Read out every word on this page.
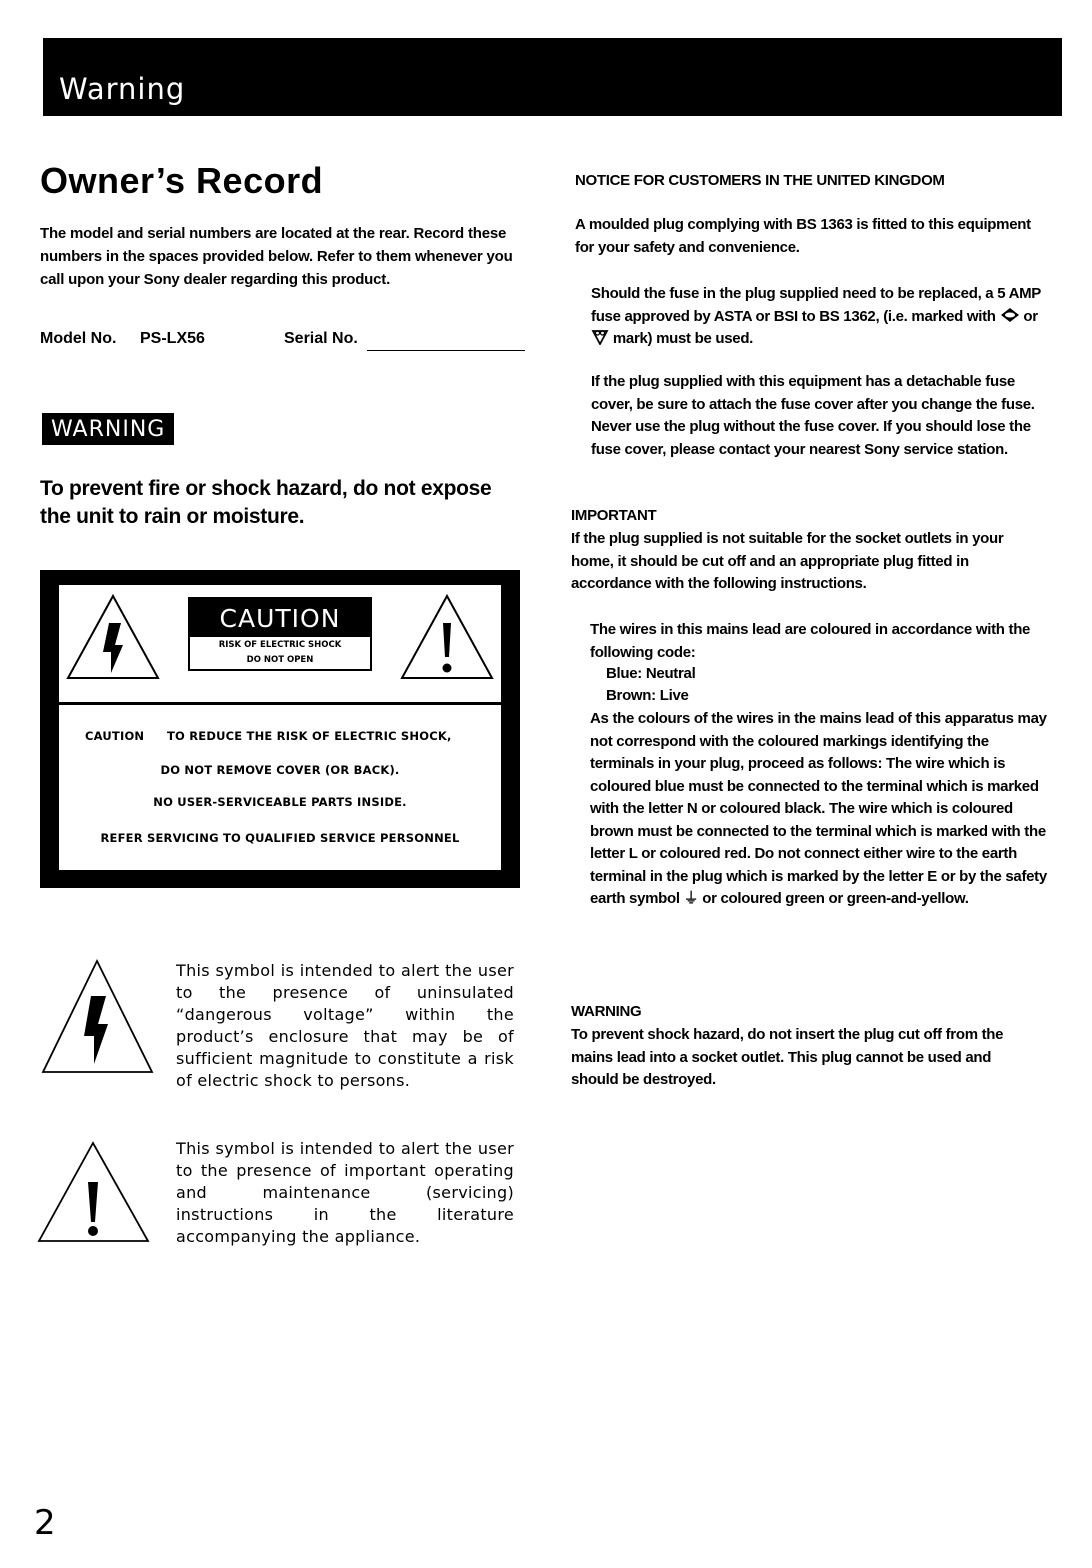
Warning
Owner’s Record

The model and serial numbers are located at the rear. Record these numbers in the spaces provided below. Refer to them whenever you call upon your Sony dealer regarding this product.

Model No. PS-LX56	Serial No.
WARNING

To prevent fire or shock hazard, do not expose the unit to rain or moisture.

CAUTION
RISK OF ELECTRIC SHOCK
DO NOT OPEN
CAUTION TO REDUCE THE RISK OF ELECTRIC SHOCK,
DO NOT REMOVE COVER (OR BACK).
NO USER-SERVICEABLE PARTS INSIDE.
REFER SERVICING TO QUALIFIED SERVICE PERSONNEL

This symbol is intended to alert the user to the presence of uninsulated “dangerous voltage” within the product’s enclosure that may be of sufficient magnitude to constitute a risk of electric shock to persons.

This symbol is intended to alert the user to the presence of important operating and maintenance (servicing) instructions in the literature accompanying the appliance.

NOTICE FOR CUSTOMERS IN THE UNITED KINGDOM

A moulded plug complying with BS 1363 is fitted to this equipment for your safety and convenience.

Should the fuse in the plug supplied need to be replaced, a 5 AMP fuse approved by ASTA or BSI to BS 1362, (i.e. marked with or  mark) must be used.

If the plug supplied with this equipment has a detachable fuse cover, be sure to attach the fuse cover after you change the fuse. Never use the plug without the fuse cover. If you should lose the fuse cover, please contact your nearest Sony service station.

IMPORTANT

If the plug supplied is not suitable for the socket outlets in your home, it should be cut off and an appropriate plug fitted in accordance with the following instructions.

The wires in this mains lead are coloured in accordance with the following code:

Blue: Neutral

Brown: Live

As the colours of the wires in the mains lead of this apparatus may not correspond with the coloured markings identifying the terminals in your plug, proceed as follows: The wire which is coloured blue must be connected to the terminal which is marked with the letter N or coloured black. The wire which is coloured brown must be connected to the terminal which is marked with the letter L or coloured red. Do not connect either wire to the earth terminal in the plug which is marked by the letter E or by the safety earth symbol ⏚ or coloured green or green-and-yellow.

WARNING

To prevent shock hazard, do not insert the plug cut off from the mains lead into a socket outlet. This plug cannot be used and should be destroyed.

2
